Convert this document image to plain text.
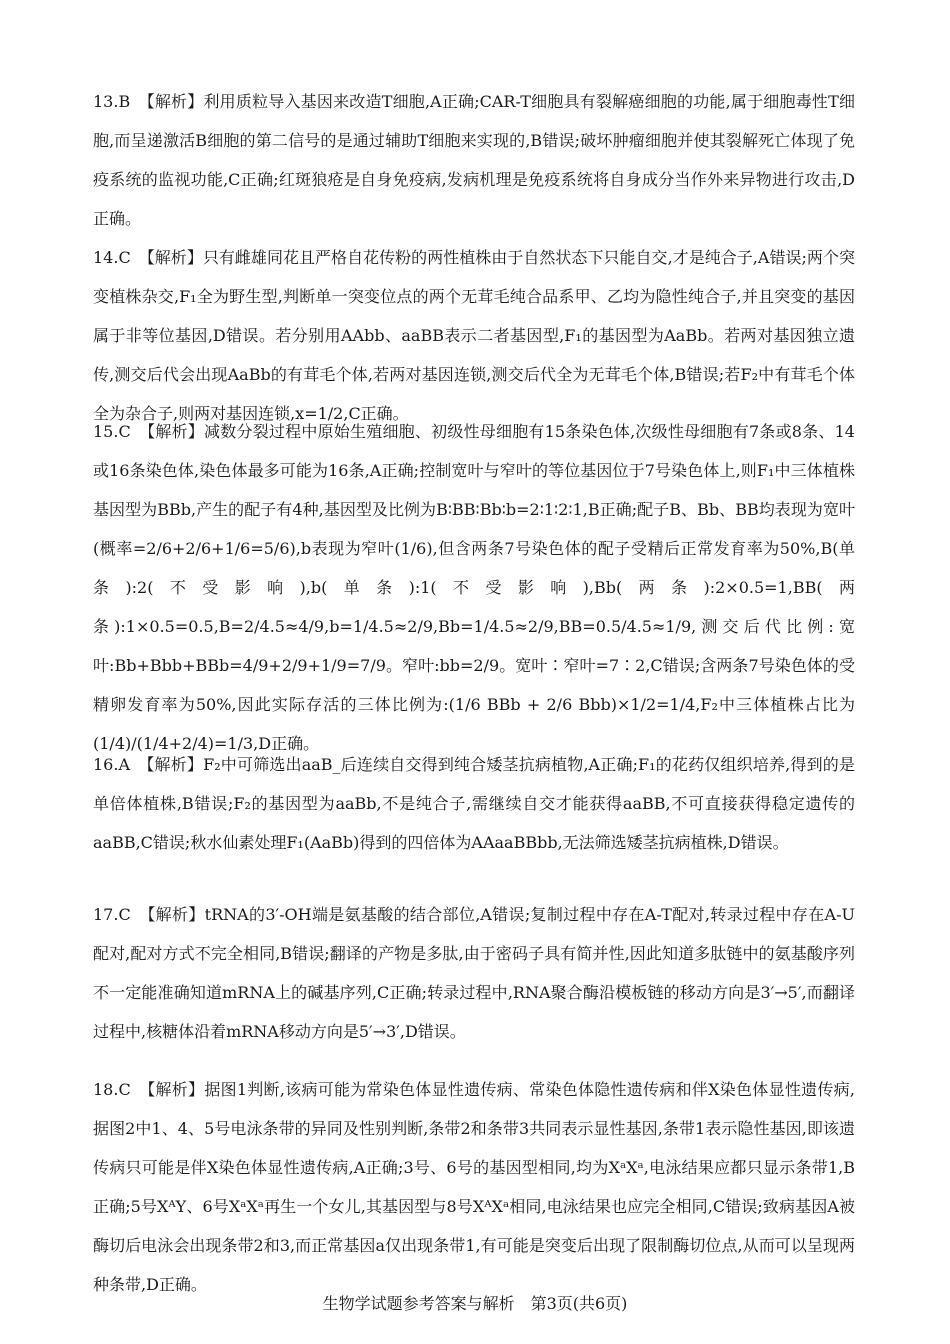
13.B　 【解析】利用质粒导入基因来改造T细胞,A正确;CAR-T细胞具有裂解癌细胞的功能,属于细胞毒性T细胞,而呈递激活B细胞的第二信号的是通过辅助T细胞来实现的,B错误;破坏肿瘤细胞并使其裂解死亡体现了免疫系统的监视功能,C正确;红斑狼疮是自身免疫病,发病机理是免疫系统将自身成分当作外来异物进行攻击,D正确。

14.C　 【解析】只有雌雄同花且严格自花传粉的两性植株由于自然状态下只能自交,才是纯合子,A错误;两个突变植株杂交,F₁全为野生型,判断单一突变位点的两个无茸毛纯合品系甲、乙均为隐性纯合子,并且突变的基因属于非等位基因,D错误。若分别用AAbb、aaBB表示二者基因型,F₁的基因型为AaBb。若两对基因独立遗传,测交后代会出现AaBb的有茸毛个体,若两对基因连锁,测交后代全为无茸毛个体,B错误;若F₂中有茸毛个体全为杂合子,则两对基因连锁,x=1/2,C正确。

15.C　 【解析】减数分裂过程中原始生殖细胞、初级性母细胞有15条染色体,次级性母细胞有7条或8条、14或16条染色体,染色体最多可能为16条,A正确;控制宽叶与窄叶的等位基因位于7号染色体上,则F₁中三体植株基因型为BBb,产生的配子有4种,基因型及比例为B∶BB∶Bb∶b=2∶1∶2∶1,B正确;配子B、Bb、BB均表现为宽叶(概率=2/6+2/6+1/6=5/6),b表现为窄叶(1/6),但含两条7号染色体的配子受精后正常发育率为50%,B(单条):2(不受影响),b(单条):1(不受影响),Bb(两条):2×0.5=1,BB(两条):1×0.5=0.5,B=2/4.5≈4/9,b=1/4.5≈2/9,Bb=1/4.5≈2/9,BB=0.5/4.5≈1/9,测交后代比例:宽叶:Bb+Bbb+BBb=4/9+2/9+1/9=7/9。窄叶:bb=2/9。宽叶∶窄叶=7∶2,C错误;含两条7号染色体的受精卵发育率为50%,因此实际存活的三体比例为:(1/6 BBb + 2/6 Bbb)×1/2=1/4,F₂中三体植株占比为(1/4)/(1/4+2/4)=1/3,D正确。

16.A　 【解析】F₂中可筛选出aaB_后连续自交得到纯合矮茎抗病植物,A正确;F₁的花药仅组织培养,得到的是单倍体植株,B错误;F₂的基因型为aaBb,不是纯合子,需继续自交才能获得aaBB,不可直接获得稳定遗传的aaBB,C错误;秋水仙素处理F₁(AaBb)得到的四倍体为AAaaBBbb,无法筛选矮茎抗病植株,D错误。

17.C　 【解析】tRNA的3′-OH端是氨基酸的结合部位,A错误;复制过程中存在A-T配对,转录过程中存在A-U配对,配对方式不完全相同,B错误;翻译的产物是多肽,由于密码子具有简并性,因此知道多肽链中的氨基酸序列不一定能准确知道mRNA上的碱基序列,C正确;转录过程中,RNA聚合酶沿模板链的移动方向是3′→5′,而翻译过程中,核糖体沿着mRNA移动方向是5′→3′,D错误。

18.C　 【解析】据图1判断,该病可能为常染色体显性遗传病、常染色体隐性遗传病和伴X染色体显性遗传病,据图2中1、4、5号电泳条带的异同及性别判断,条带2和条带3共同表示显性基因,条带1表示隐性基因,即该遗传病只可能是伴X染色体显性遗传病,A正确;3号、6号的基因型相同,均为XᵃXᵃ,电泳结果应都只显示条带1,B正确;5号XᴬY、6号XᵃXᵃ再生一个女儿,其基因型与8号XᴬXᵃ相同,电泳结果也应完全相同,C错误;致病基因A被酶切后电泳会出现条带2和3,而正常基因a仅出现条带1,有可能是突变后出现了限制酶切位点,从而可以呈现两种条带,D正确。

生物学试题参考答案与解析　第3页(共6页)
